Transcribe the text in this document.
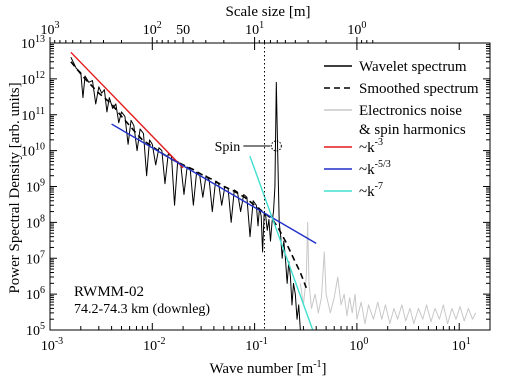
$10^3$	$10^2$ 50	$10^1$	$10^0$
Scale size [m]
Spin
$10^{-3}$	$10^{-2}$	$10^{-1}$	$10^0$	$10^1$
$10^5$
$10^6$
$10^7$
$10^8$
$10^9$
$10^{10}$
$10^{11}$
$10^{12}$
$10^{13}$
Wave number $[m^{-1}]$
Power Spectral Density [arb. units]
Wavelet spectrum
Smoothed spectrum
Electronics noise & spin harmonics
$\sim k^{-3}$
$\sim k^{-5/3}$
$\sim k^{-7}$
RWMM-02
74.2-74.3 km (downleg)
